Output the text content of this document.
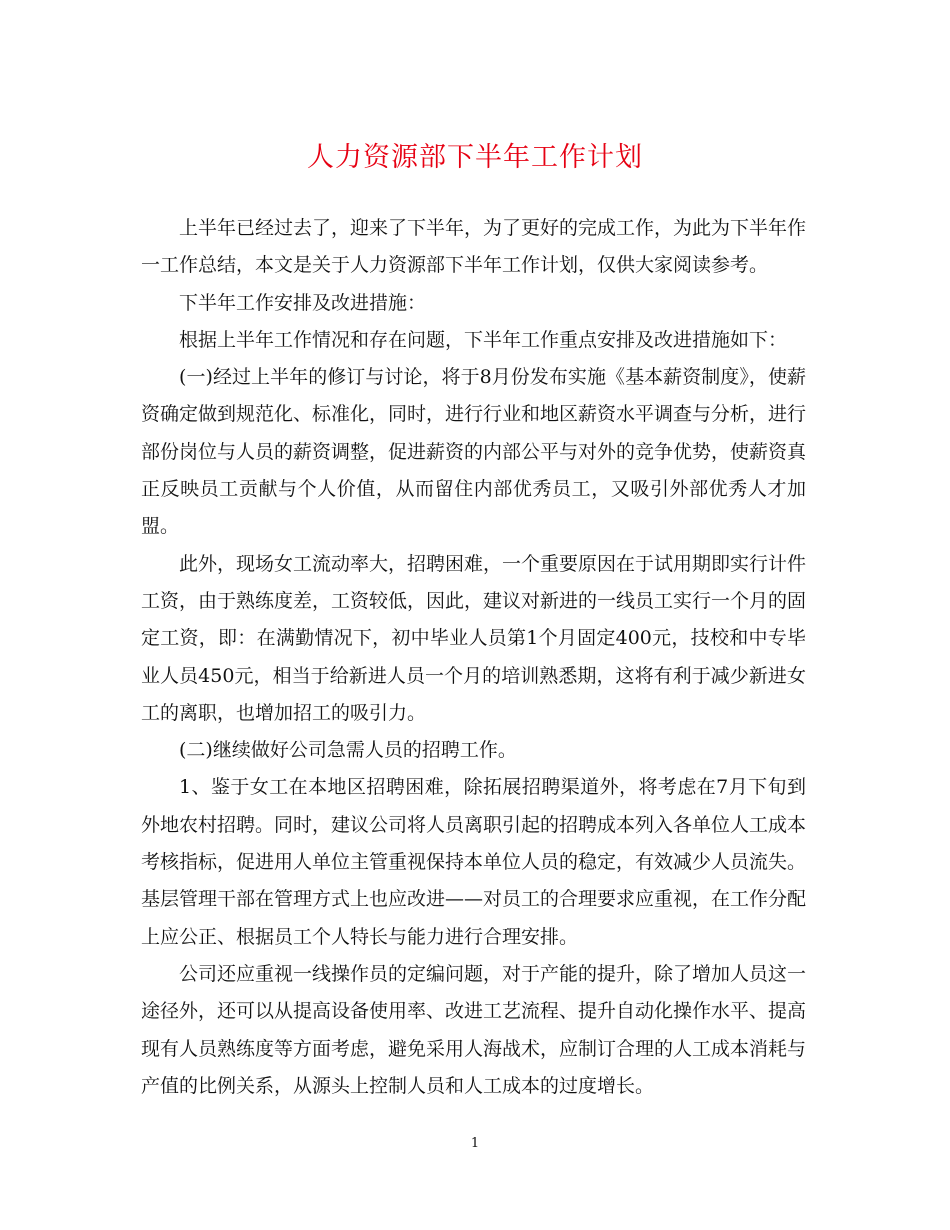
人力资源部下半年工作计划

上半年已经过去了，迎来了下半年，为了更好的完成工作，为此为下半年作一工作总结，本文是关于人力资源部下半年工作计划，仅供大家阅读参考。

下半年工作安排及改进措施：

根据上半年工作情况和存在问题，下半年工作重点安排及改进措施如下：

(一)经过上半年的修订与讨论，将于8月份发布实施《基本薪资制度》，使薪资确定做到规范化、标准化，同时，进行行业和地区薪资水平调查与分析，进行部份岗位与人员的薪资调整，促进薪资的内部公平与对外的竞争优势，使薪资真正反映员工贡献与个人价值，从而留住内部优秀员工，又吸引外部优秀人才加盟。

此外，现场女工流动率大，招聘困难，一个重要原因在于试用期即实行计件工资，由于熟练度差，工资较低，因此，建议对新进的一线员工实行一个月的固定工资，即：在满勤情况下，初中毕业人员第1个月固定400元，技校和中专毕业人员450元，相当于给新进人员一个月的培训熟悉期，这将有利于减少新进女工的离职，也增加招工的吸引力。

(二)继续做好公司急需人员的招聘工作。

1、鉴于女工在本地区招聘困难，除拓展招聘渠道外，将考虑在7月下旬到外地农村招聘。同时，建议公司将人员离职引起的招聘成本列入各单位人工成本考核指标，促进用人单位主管重视保持本单位人员的稳定，有效减少人员流失。 基层管理干部在管理方式上也应改进——对员工的合理要求应重视，在工作分配上应公正、根据员工个人特长与能力进行合理安排。

公司还应重视一线操作员的定编问题，对于产能的提升，除了增加人员这一途径外，还可以从提高设备使用率、改进工艺流程、提升自动化操作水平、提高现有人员熟练度等方面考虑，避免采用人海战术，应制订合理的人工成本消耗与产值的比例关系，从源头上控制人员和人工成本的过度增长。

1
